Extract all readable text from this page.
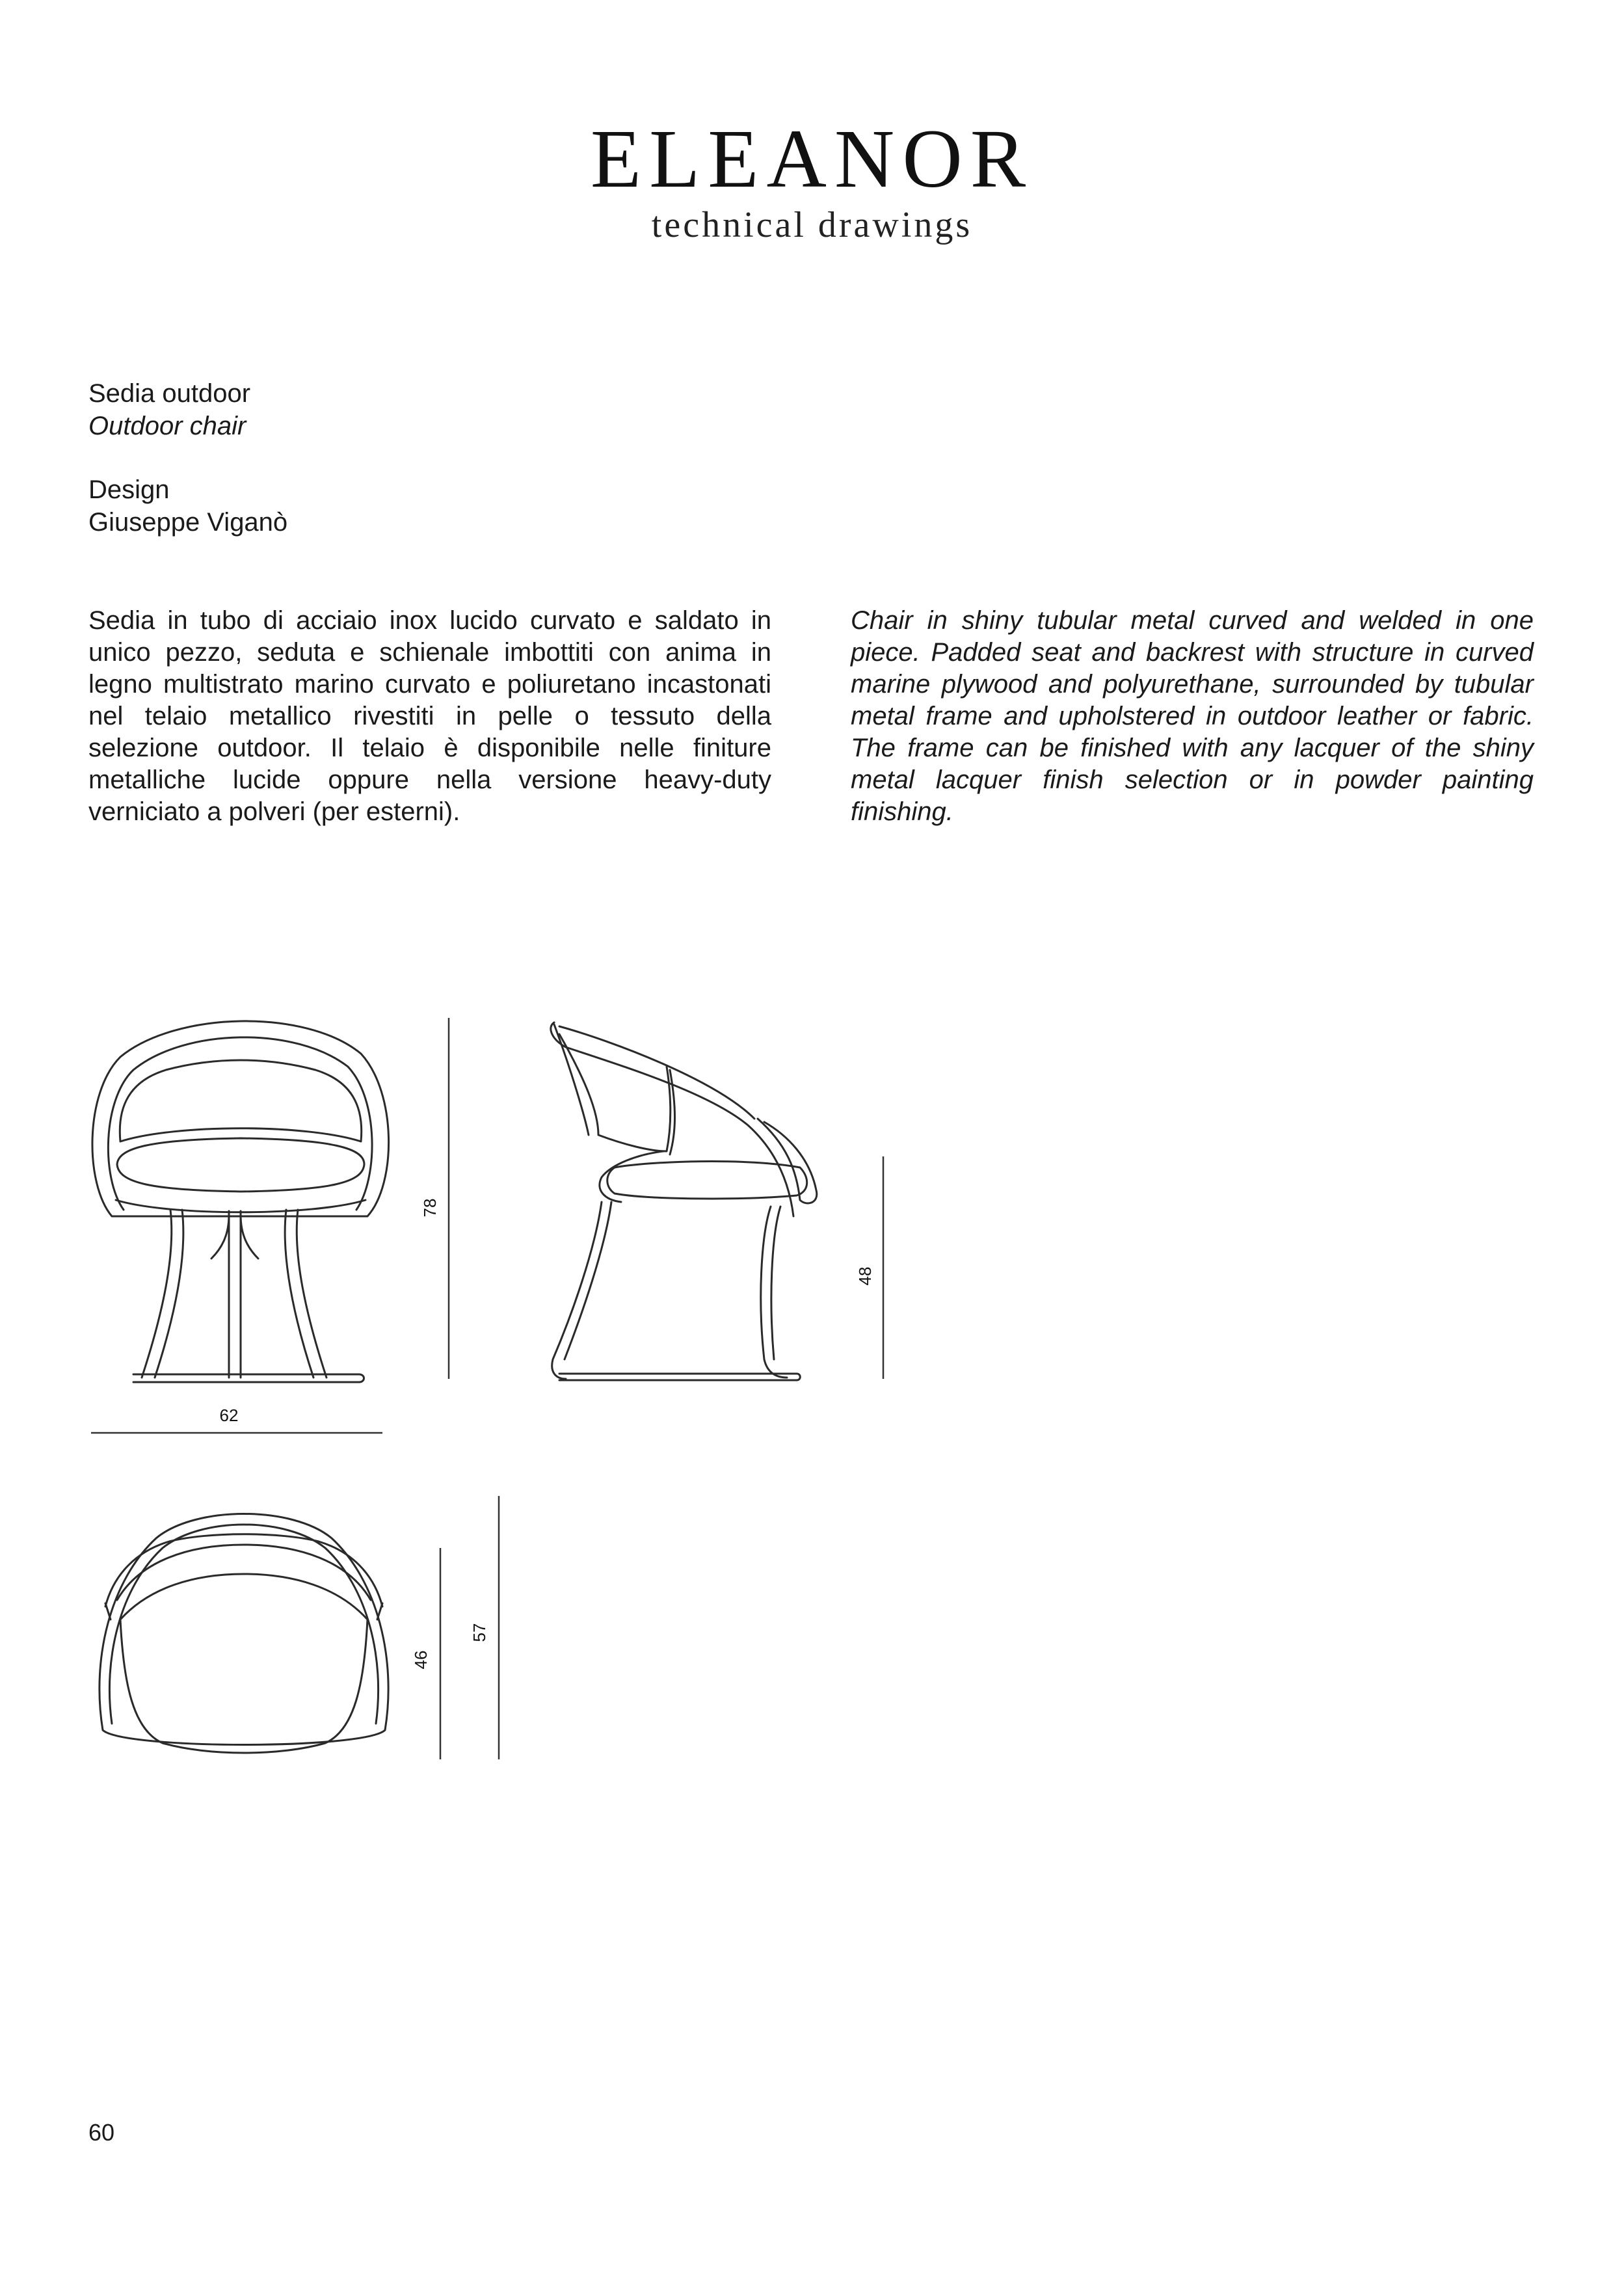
ELEANOR
technical drawings
Sedia outdoor
Outdoor chair
Design
Giuseppe Viganò
Sedia in tubo di acciaio inox lucido curvato e saldato in unico pezzo, seduta e schienale imbottiti con anima in legno multistrato marino curvato e poliuretano incastonati nel telaio metallico rivestiti in pelle o tessuto della selezione outdoor. Il telaio è disponibile nelle finiture metalliche lucide oppure nella versione heavy-duty verniciato a polveri (per esterni).
Chair in shiny tubular metal curved and welded in one piece. Padded seat and backrest with structure in curved marine plywood and polyurethane, surrounded by tubular metal frame and upholstered in outdoor leather or fabric. The frame can be finished with any lacquer of the shiny metal lacquer finish selection or in powder painting finishing.
78
48
62
46
57
60
